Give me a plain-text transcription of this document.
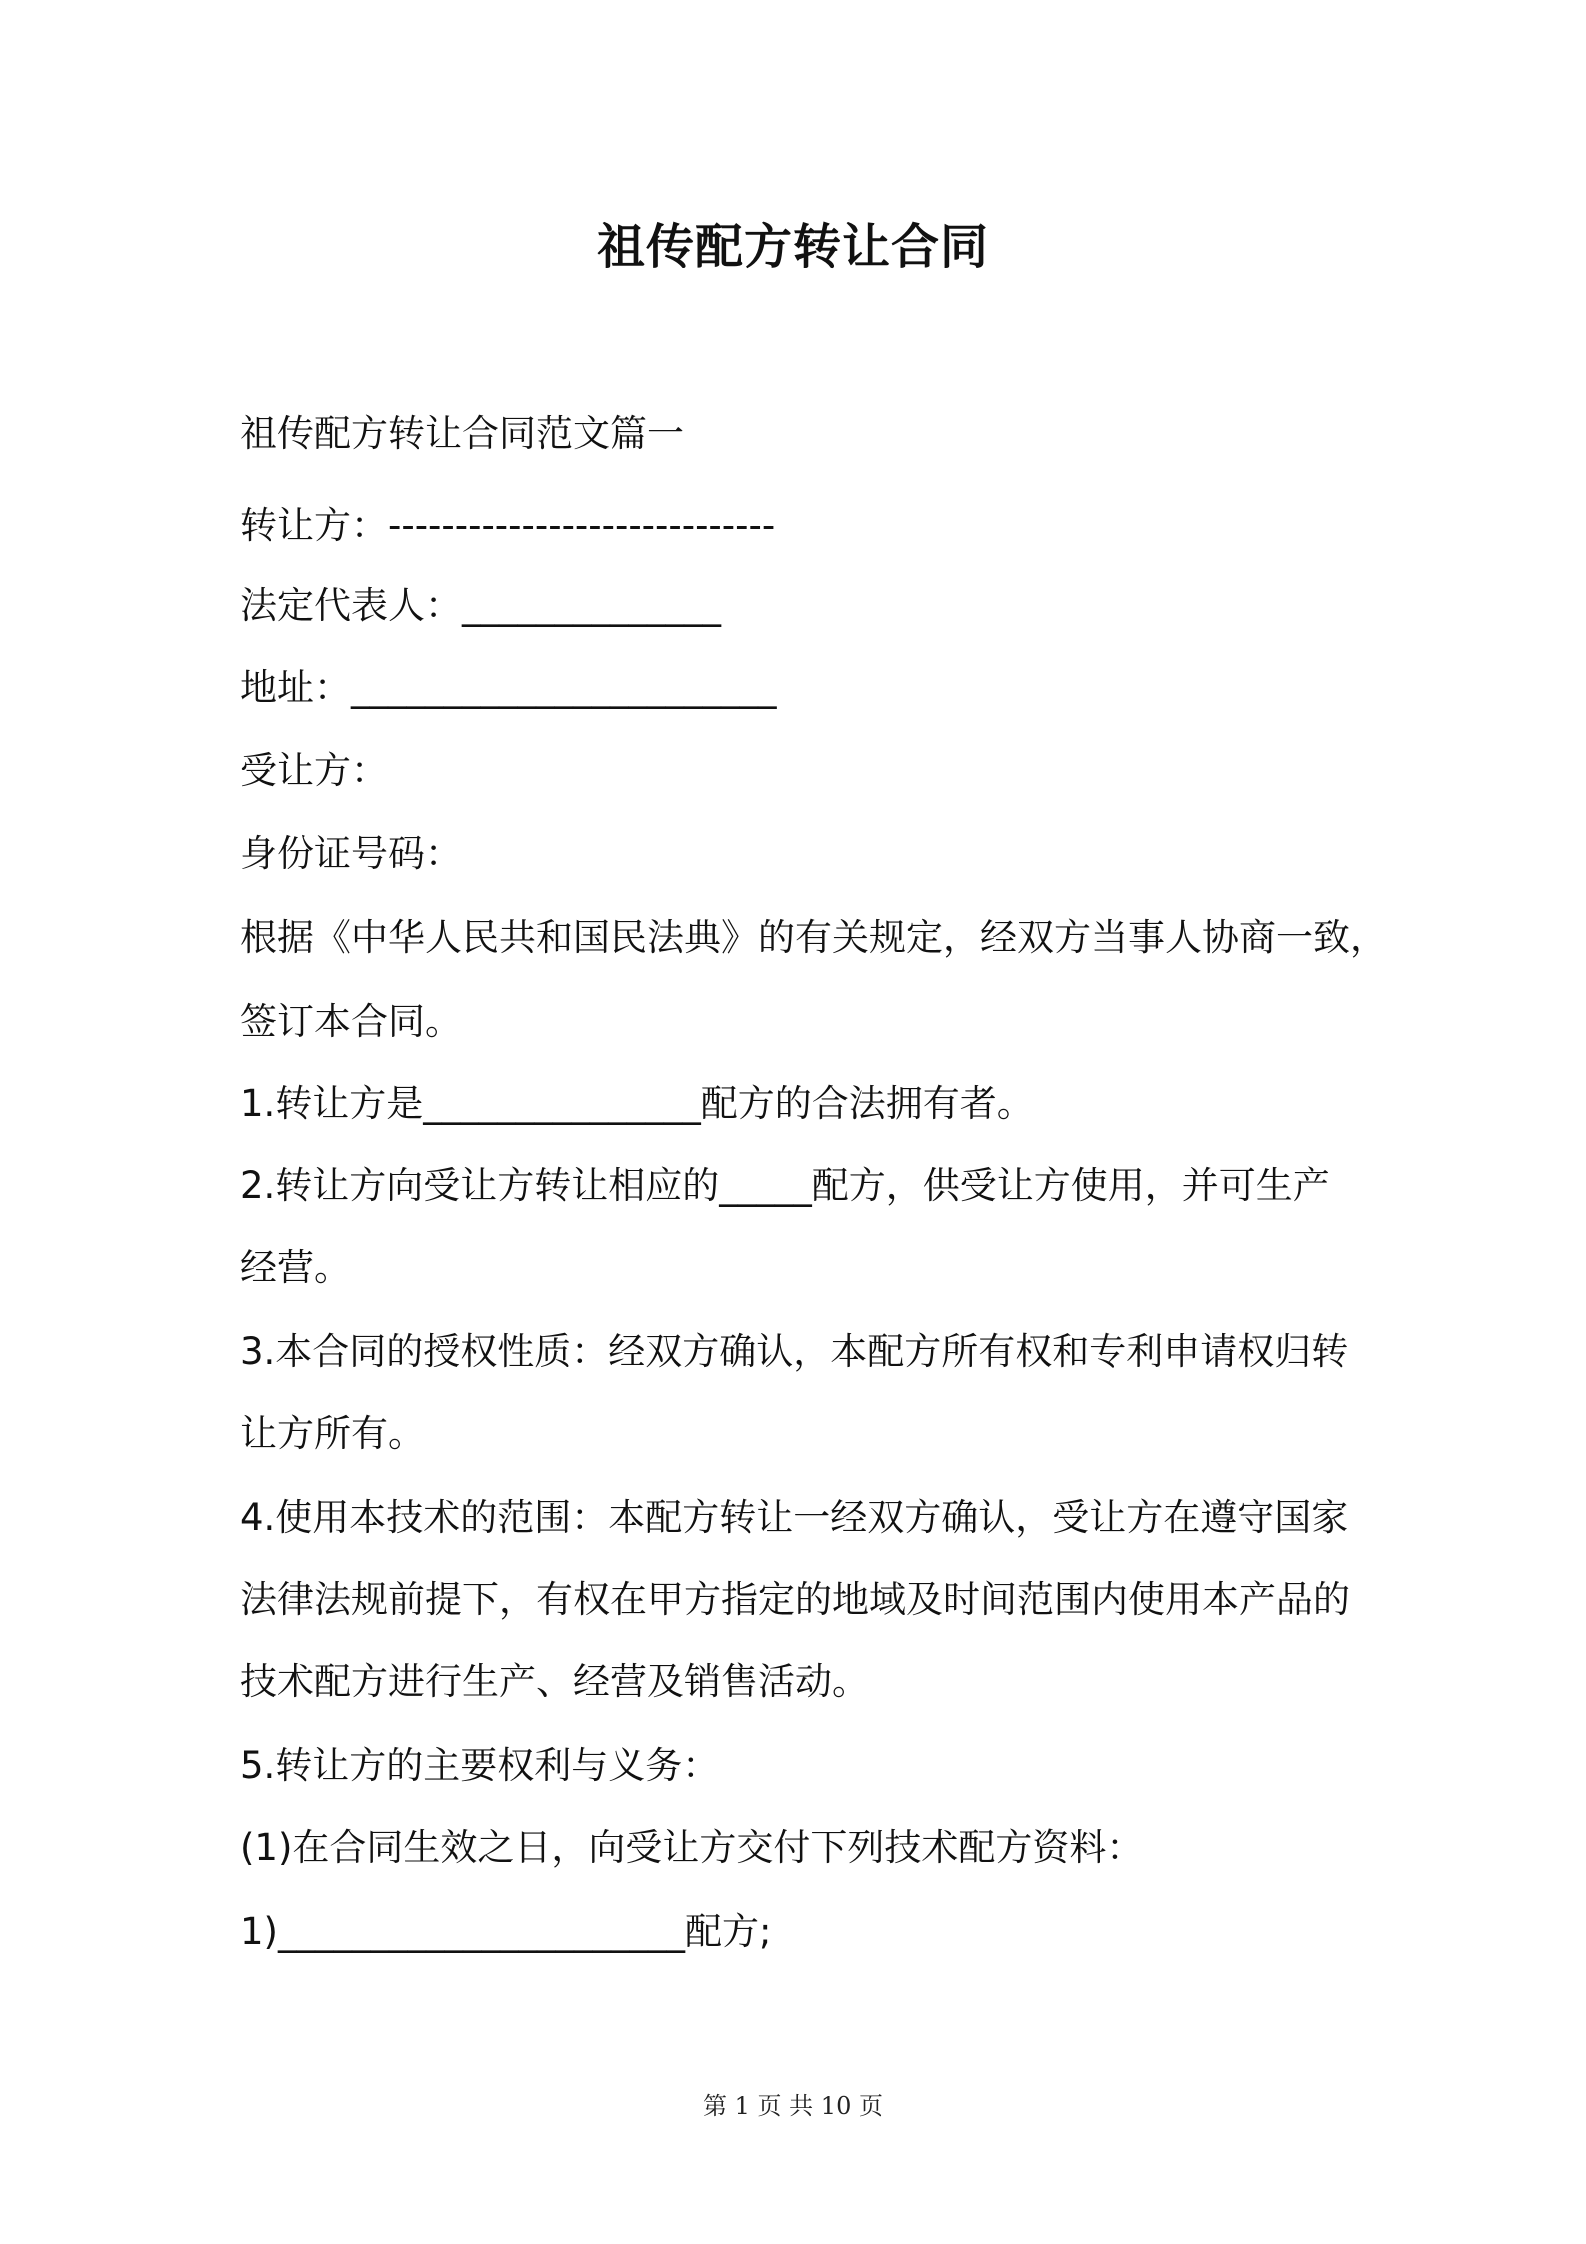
祖传配方转让合同
祖传配方转让合同范文篇一
转让方：-----------------------------
法定代表人：______________
地址：_______________________
受让方：
身份证号码：
根据《中华人民共和国民法典》的有关规定，经双方当事人协商一致，
签订本合同。
1.转让方是_______________配方的合法拥有者。
2.转让方向受让方转让相应的_____配方，供受让方使用，并可生产
经营。
3.本合同的授权性质：经双方确认，本配方所有权和专利申请权归转
让方所有。
4.使用本技术的范围：本配方转让一经双方确认，受让方在遵守国家
法律法规前提下，有权在甲方指定的地域及时间范围内使用本产品的
技术配方进行生产、经营及销售活动。
5.转让方的主要权利与义务：
(1)在合同生效之日，向受让方交付下列技术配方资料：
1)______________________配方;
第 1 页 共 10 页
